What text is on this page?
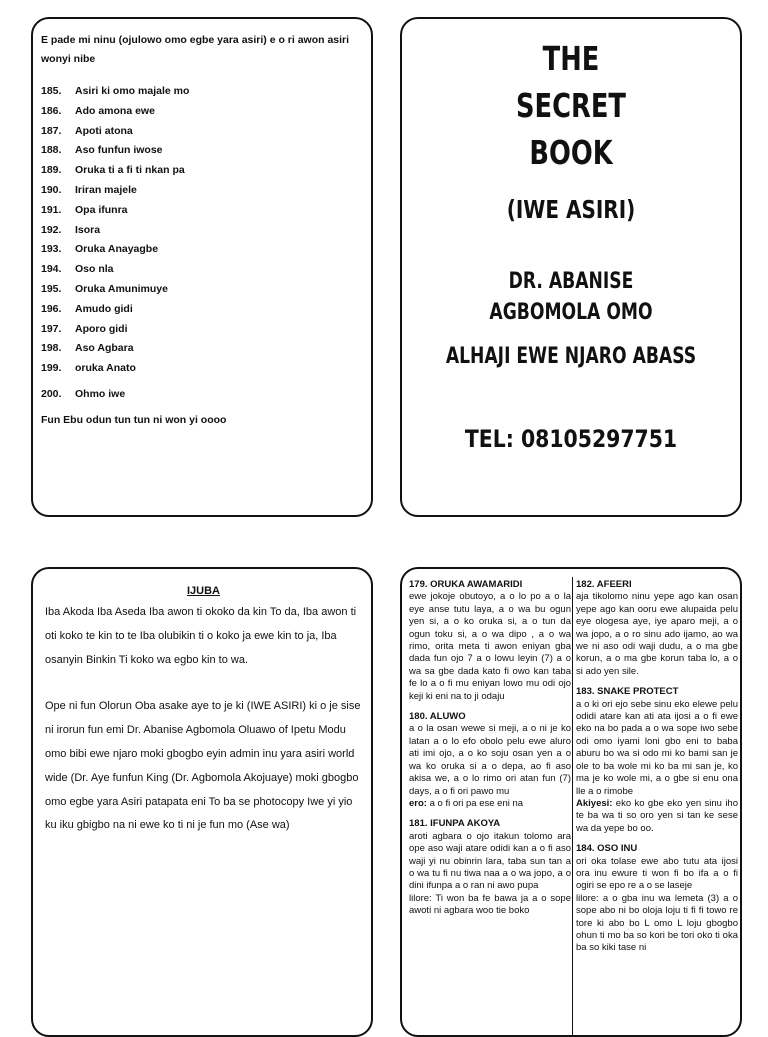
E pade mi ninu (ojulowo omo egbe yara asiri) e o ri awon asiri wonyi nibe
185. Asiri ki omo majale mo
186. Ado amona ewe
187. Apoti atona
188. Aso funfun iwose
189. Oruka ti a fi ti nkan pa
190. Iriran majele
191. Opa ifunra
192. Isora
193. Oruka Anayagbe
194. Oso nla
195. Oruka Amunimuye
196. Amudo gidi
197. Aporo gidi
198. Aso Agbara
199. oruka Anato
200. Ohmo iwe
Fun Ebu odun tun tun ni won yi oooo
THE
SECRET
BOOK
(IWE ASIRI)
DR. ABANISE
AGBOMOLA OMO
ALHAJI EWE NJARO ABASS
TEL: 08105297751
IJUBA

Iba Akoda Iba Aseda Iba awon ti okoko da kin To da, Iba awon ti oti koko te kin to te Iba olubikin ti o koko ja ewe kin to ja, Iba osanyin Binkin Ti koko wa egbo kin to wa.

Ope ni fun Olorun Oba asake aye to je ki (IWE ASIRI) ki o je sise ni irorun fun emi Dr. Abanise Agbomola Oluawo of Ipetu Modu omo bibi ewe njaro moki gbogbo eyin admin inu yara asiri world wide (Dr. Aye funfun King (Dr. Agbomola Akojuaye) moki gbogbo omo egbe yara Asiri patapata eni To ba se photocopy Iwe yi yio ku iku gbigbo na ni ewe ko ti ni je fun mo (Ase wa)

179. ORUKA AWAMARIDI
ewe jokoje obutoyo, a o lo po a o la eye anse tutu laya, a o wa bu ogun yen si, a o ko oruka si, a o tun da ogun toku si, a o wa dipo , a o wa rimo, orita meta ti awon eniyan gba dada fun ojo 7 a o lowu leyin (7) a o wa sa gbe dada kato fi owo kan taba fe lo a o fi mu eniyan lowo mu odi ojo keji ki eni na to ji odaju
180. ALUWO
a o la osan wewe si meji, a o ni je ko latan a o lo efo obolo pelu ewe aluro ati imi ojo, a o ko soju osan yen a o wa ko oruka si a o depa, ao fi aso akisa we, a o lo rimo ori atan fun (7) days, a o fi ori pawo mu
ero: a o fi ori pa ese eni na
181. IFUNPA AKOYA
aroti agbara o ojo itakun tolomo ara ope aso waji atare odidi kan a o fi aso waji yi nu obinrin lara, taba sun tan a o wa tu fi nu tiwa naa a o wa jopo, a o dini ifunpa a o ran ni awo pupa
lilore: Ti won ba fe bawa ja a o sope awoti ni agbara woo tie boko
182. AFEERI
aja tikolomo ninu yepe ago kan osan yepe ago kan ooru ewe alupaida pelu eye ologesa aye, iye aparo meji, a o wa jopo, a o ro sinu ado ijamo, ao wa we ni aso odi waji dudu, a o ma gbe korun, a o ma gbe korun taba lo, a o si ado yen sile.
183. SNAKE PROTECT
a o ki ori ejo sebe sinu eko elewe pelu odidi atare kan ati ata ijosi a o fi ewe eko na bo pada a o wa sope iwo sebe odi omo iyami loni gbo eni to baba aburu bo wa si odo mi ko bami san je ole to ba wole mi ko ba mi san je, ko ma je ko wole mi, a o gbe si enu ona lle a o rimobe
Akiyesi: eko ko gbe eko yen sinu iho te ba wa ti so oro yen si tan ke sese wa da yepe bo oo.
184. OSO INU
ori oka tolase ewe abo tutu ata ijosi ora inu ewure ti won fi bo ifa a o fi ogiri se epo re a o se laseje
lilore: a o gba inu wa lemeta (3) a o sope abo ni bo oloja loju ti fi fi towo re tore ki abo bo L omo L loju gbogbo ohun ti mo ba so kori be tori oko ti oka ba so kiki tase ni
